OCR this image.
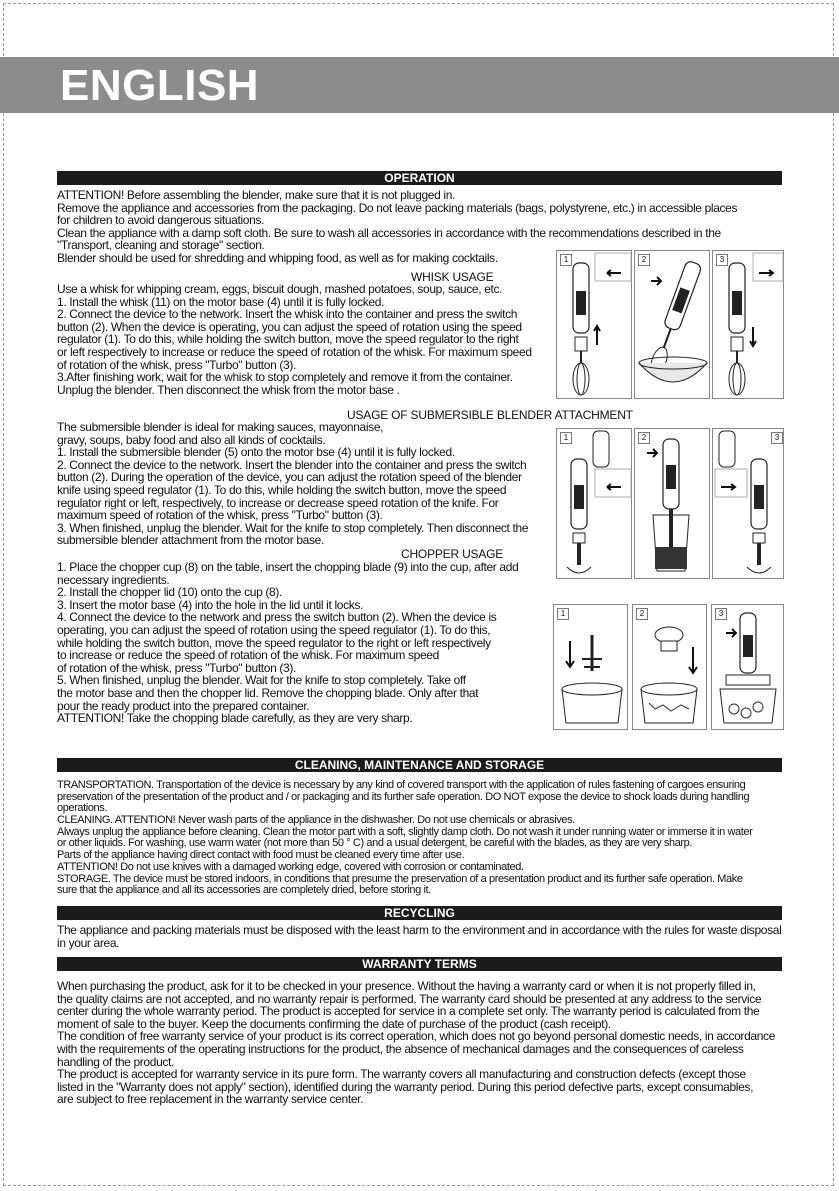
ENGLISH
OPERATION
ATTENTION! Before assembling the blender, make sure that it is not plugged in.
Remove the appliance and accessories from the packaging. Do not leave packing materials (bags, polystyrene, etc.) in accessible places
for children to avoid dangerous situations.
Clean the appliance with a damp soft cloth. Be sure to wash all accessories in accordance with the recommendations described in the
"Transport, cleaning and storage" section.
Blender should be used for shredding and whipping food, as well as for making cocktails.
WHISK USAGE
Use a whisk for whipping cream, eggs, biscuit dough, mashed potatoes, soup, sauce, etc.
1. Install the whisk (11) on the motor base (4) until it is fully locked.
2. Connect the device to the network. Insert the whisk into the container and press the switch
button (2). When the device is operating, you can adjust the speed of rotation using the speed
regulator (1). To do this, while holding the switch button, move the speed regulator to the right
or left respectively to increase or reduce the speed of rotation of the whisk. For maximum speed
of rotation of the whisk, press "Turbo" button (3).
3.After finishing work, wait for the whisk to stop completely and remove it from the container.
Unplug the blender. Then disconnect the whisk from the motor base .
USAGE OF SUBMERSIBLE BLENDER ATTACHMENT
The submersible blender is ideal for making sauces, mayonnaise,
gravy, soups, baby food and also all kinds of cocktails.
1. Install the submersible blender (5) onto the motor bse (4) until it is fully locked.
2. Connect the device to the network. Insert the blender into the container and press the switch
button (2). During the operation of the device, you can adjust the rotation speed of the blender
knife using speed regulator (1). To do this, while holding the switch button, move the speed
regulator right or left, respectively, to increase or decrease speed rotation of the knife. For
maximum speed of rotation of the whisk, press "Turbo" button (3).
3. When finished, unplug the blender. Wait for the knife to stop completely. Then disconnect the
submersible blender attachment from the motor base.
CHOPPER USAGE
1. Place the chopper cup (8) on the table, insert the chopping blade (9) into the cup, after add
necessary ingredients.
2. Install the chopper lid (10) onto the cup (8).
3. Insert the motor base (4) into the hole in the lid until it locks.
4. Connect the device to the network and press the switch button (2). When the device is
operating, you can adjust the speed of rotation using the speed regulator (1). To do this,
while holding the switch button, move the speed regulator to the right or left respectively
to increase or reduce the speed of rotation of the whisk. For maximum speed
of rotation of the whisk, press "Turbo" button (3).
5. When finished, unplug the blender. Wait for the knife to stop completely. Take off
the motor base and then the chopper lid. Remove the chopping blade. Only after that
pour the ready product into the prepared container.
ATTENTION! Take the chopping blade carefully, as they are very sharp.
1	2	3
1	2	3
1	2	3
CLEANING, MAINTENANCE AND STORAGE
TRANSPORTATION. Transportation of the device is necessary by any kind of covered transport with the application of rules fastening of cargoes ensuring
preservation of the presentation of the product and / or packaging and its further safe operation. DO NOT expose the device to shock loads during handling
operations.
CLEANING. ATTENTION! Never wash parts of the appliance in the dishwasher. Do not use chemicals or abrasives.
Always unplug the appliance before cleaning. Clean the motor part with a soft, slightly damp cloth. Do not wash it under running water or immerse it in water
or other liquids. For washing, use warm water (not more than 50 ° C) and a usual detergent, be careful with the blades, as they are very sharp.
Parts of the appliance having direct contact with food must be cleaned every time after use.
ATTENTION! Do not use knives with a damaged working edge, covered with corrosion or contaminated.
STORAGE. The device must be stored indoors, in conditions that presume the preservation of a presentation product and its further safe operation. Make
sure that the appliance and all its accessories are completely dried, before storing it.
RECYCLING
The appliance and packing materials must be disposed with the least harm to the environment and in accordance with the rules for waste disposal
in your area.
WARRANTY TERMS
When purchasing the product, ask for it to be checked in your presence. Without the having a warranty card or when it is not properly filled in,
the quality claims are not accepted, and no warranty repair is performed. The warranty card should be presented at any address to the service
center during the whole warranty period. The product is accepted for service in a complete set only. The warranty period is calculated from the
moment of sale to the buyer. Keep the documents confirming the date of purchase of the product (cash receipt).
The condition of free warranty service of your product is its correct operation, which does not go beyond personal domestic needs, in accordance
with the requirements of the operating instructions for the product, the absence of mechanical damages and the consequences of careless
handling of the product.
The product is accepted for warranty service in its pure form. The warranty covers all manufacturing and construction defects (except those
listed in the "Warranty does not apply" section), identified during the warranty period. During this period defective parts, except consumables,
are subject to free replacement in the warranty service center.
